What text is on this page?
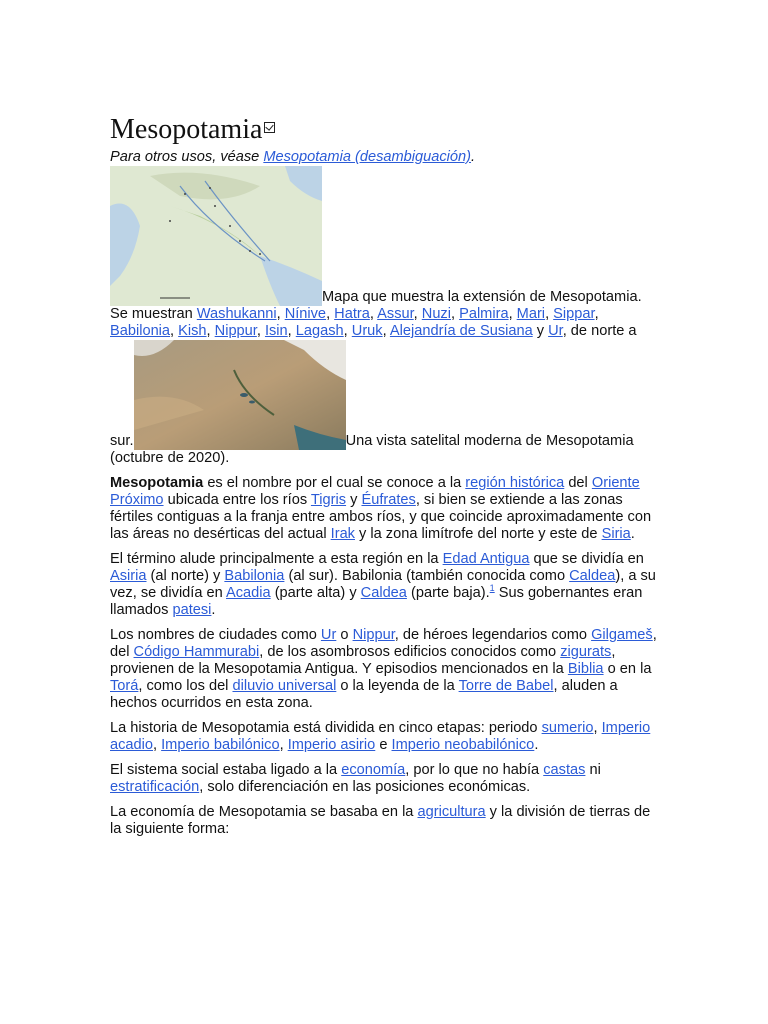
Mesopotamia

Para otros usos, véase Mesopotamia (desambiguación).

Mapa que muestra la extensión de Mesopotamia. Se muestran Washukanni, Nínive, Hatra, Assur, Nuzi, Palmira, Mari, Sippar, Babilonia, Kish, Nippur, Isin, Lagash, Uruk, Alejandría de Susiana y Ur, de norte a sur.	Una vista satelital moderna de Mesopotamia (octubre de 2020).

Mesopotamia es el nombre por el cual se conoce a la región histórica del Oriente Próximo ubicada entre los ríos Tigris y Éufrates, si bien se extiende a las zonas fértiles contiguas a la franja entre ambos ríos, y que coincide aproximadamente con las áreas no desérticas del actual Irak y la zona limítrofe del norte y este de Siria.

El término alude principalmente a esta región en la Edad Antigua que se dividía en Asiria (al norte) y Babilonia (al sur). Babilonia (también conocida como Caldea), a su vez, se dividía en Acadia (parte alta) y Caldea (parte baja).$^1$ Sus gobernantes eran llamados patesi.

Los nombres de ciudades como Ur o Nippur, de héroes legendarios como Gilgameš, del Código Hammurabi, de los asombrosos edificios conocidos como zigurats, provienen de la Mesopotamia Antigua. Y episodios mencionados en la Biblia o en la Torá, como los del diluvio universal o la leyenda de la Torre de Babel, aluden a hechos ocurridos en esta zona.

La historia de Mesopotamia está dividida en cinco etapas: periodo sumerio, Imperio acadio, Imperio babilónico, Imperio asirio e Imperio neobabilónico.

El sistema social estaba ligado a la economía, por lo que no había castas ni estratificación, solo diferenciación en las posiciones económicas.

La economía de Mesopotamia se basaba en la agricultura y la división de tierras de la siguiente forma:
